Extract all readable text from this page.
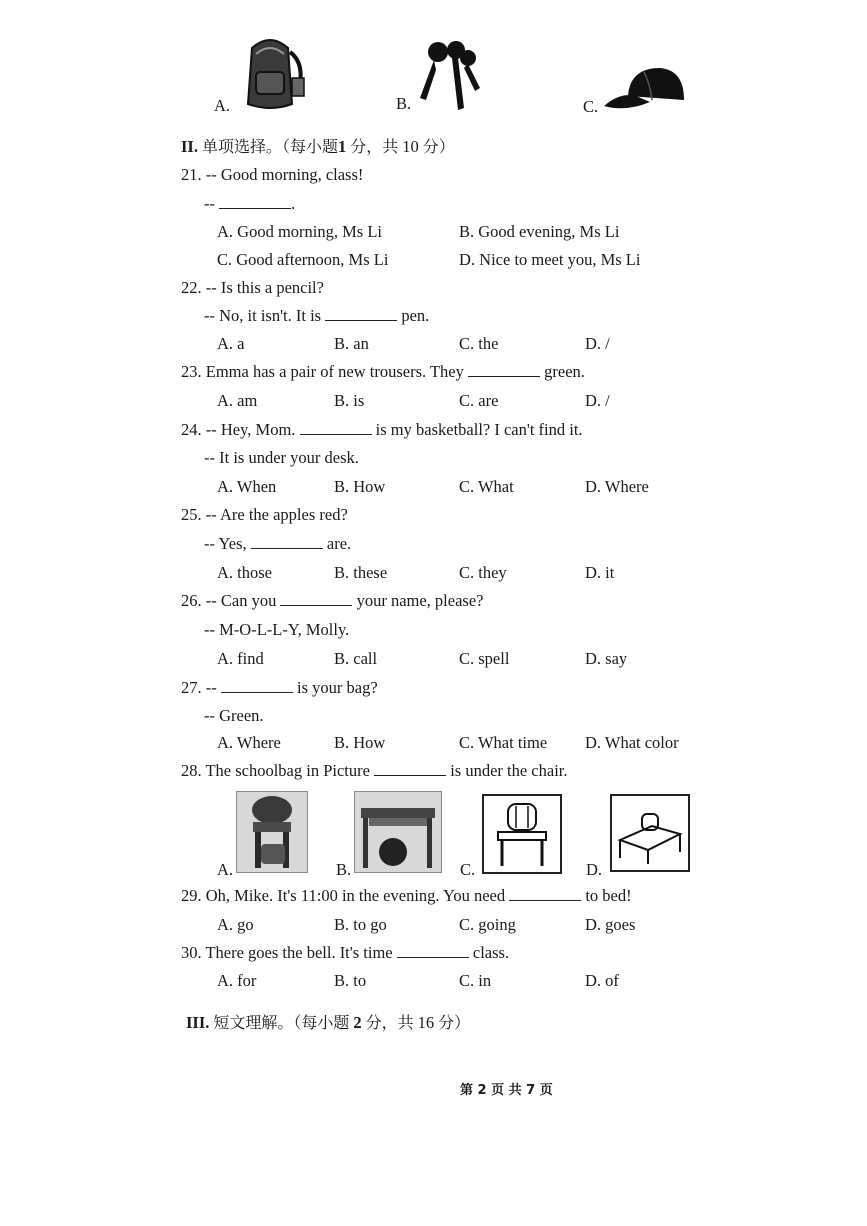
A.	B.	C.
II. 单项选择。（每小题1 分，共 10 分）
21. -- Good morning, class!
--	.
A. Good morning, Ms Li	B. Good evening, Ms Li
C. Good afternoon, Ms Li	D. Nice to meet you, Ms Li
22. -- Is this a pencil?
-- No, it isn't. It is	pen.
A. a	B. an	C. the	D. /
23. Emma has a pair of new trousers. They	green.
A. am	B. is	C. are	D. /
24. -- Hey, Mom.	is my basketball? I can't find it.
-- It is under your desk.
A. When	B. How	C. What	D. Where
25. -- Are the apples red?
-- Yes,	are.
A. those	B. these	C. they	D. it
26. -- Can you	your name, please?
-- M-O-L-L-Y, Molly.
A. find	B. call	C. spell	D. say
27. --	is your bag?
-- Green.
A. Where	B. How	C. What time D. What color
28. The schoolbag in Picture	is under the chair.
A.	B.	C.	D.
29. Oh, Mike. It's 11:00 in the evening. You need	to bed!
A. go	B. to go	C. going	D. goes
30. There goes the bell. It's time	class.
A. for	B. to	C. in	D. of
III. 短文理解。（每小题 2 分，共 16 分）
第 2 页 共 7 页
